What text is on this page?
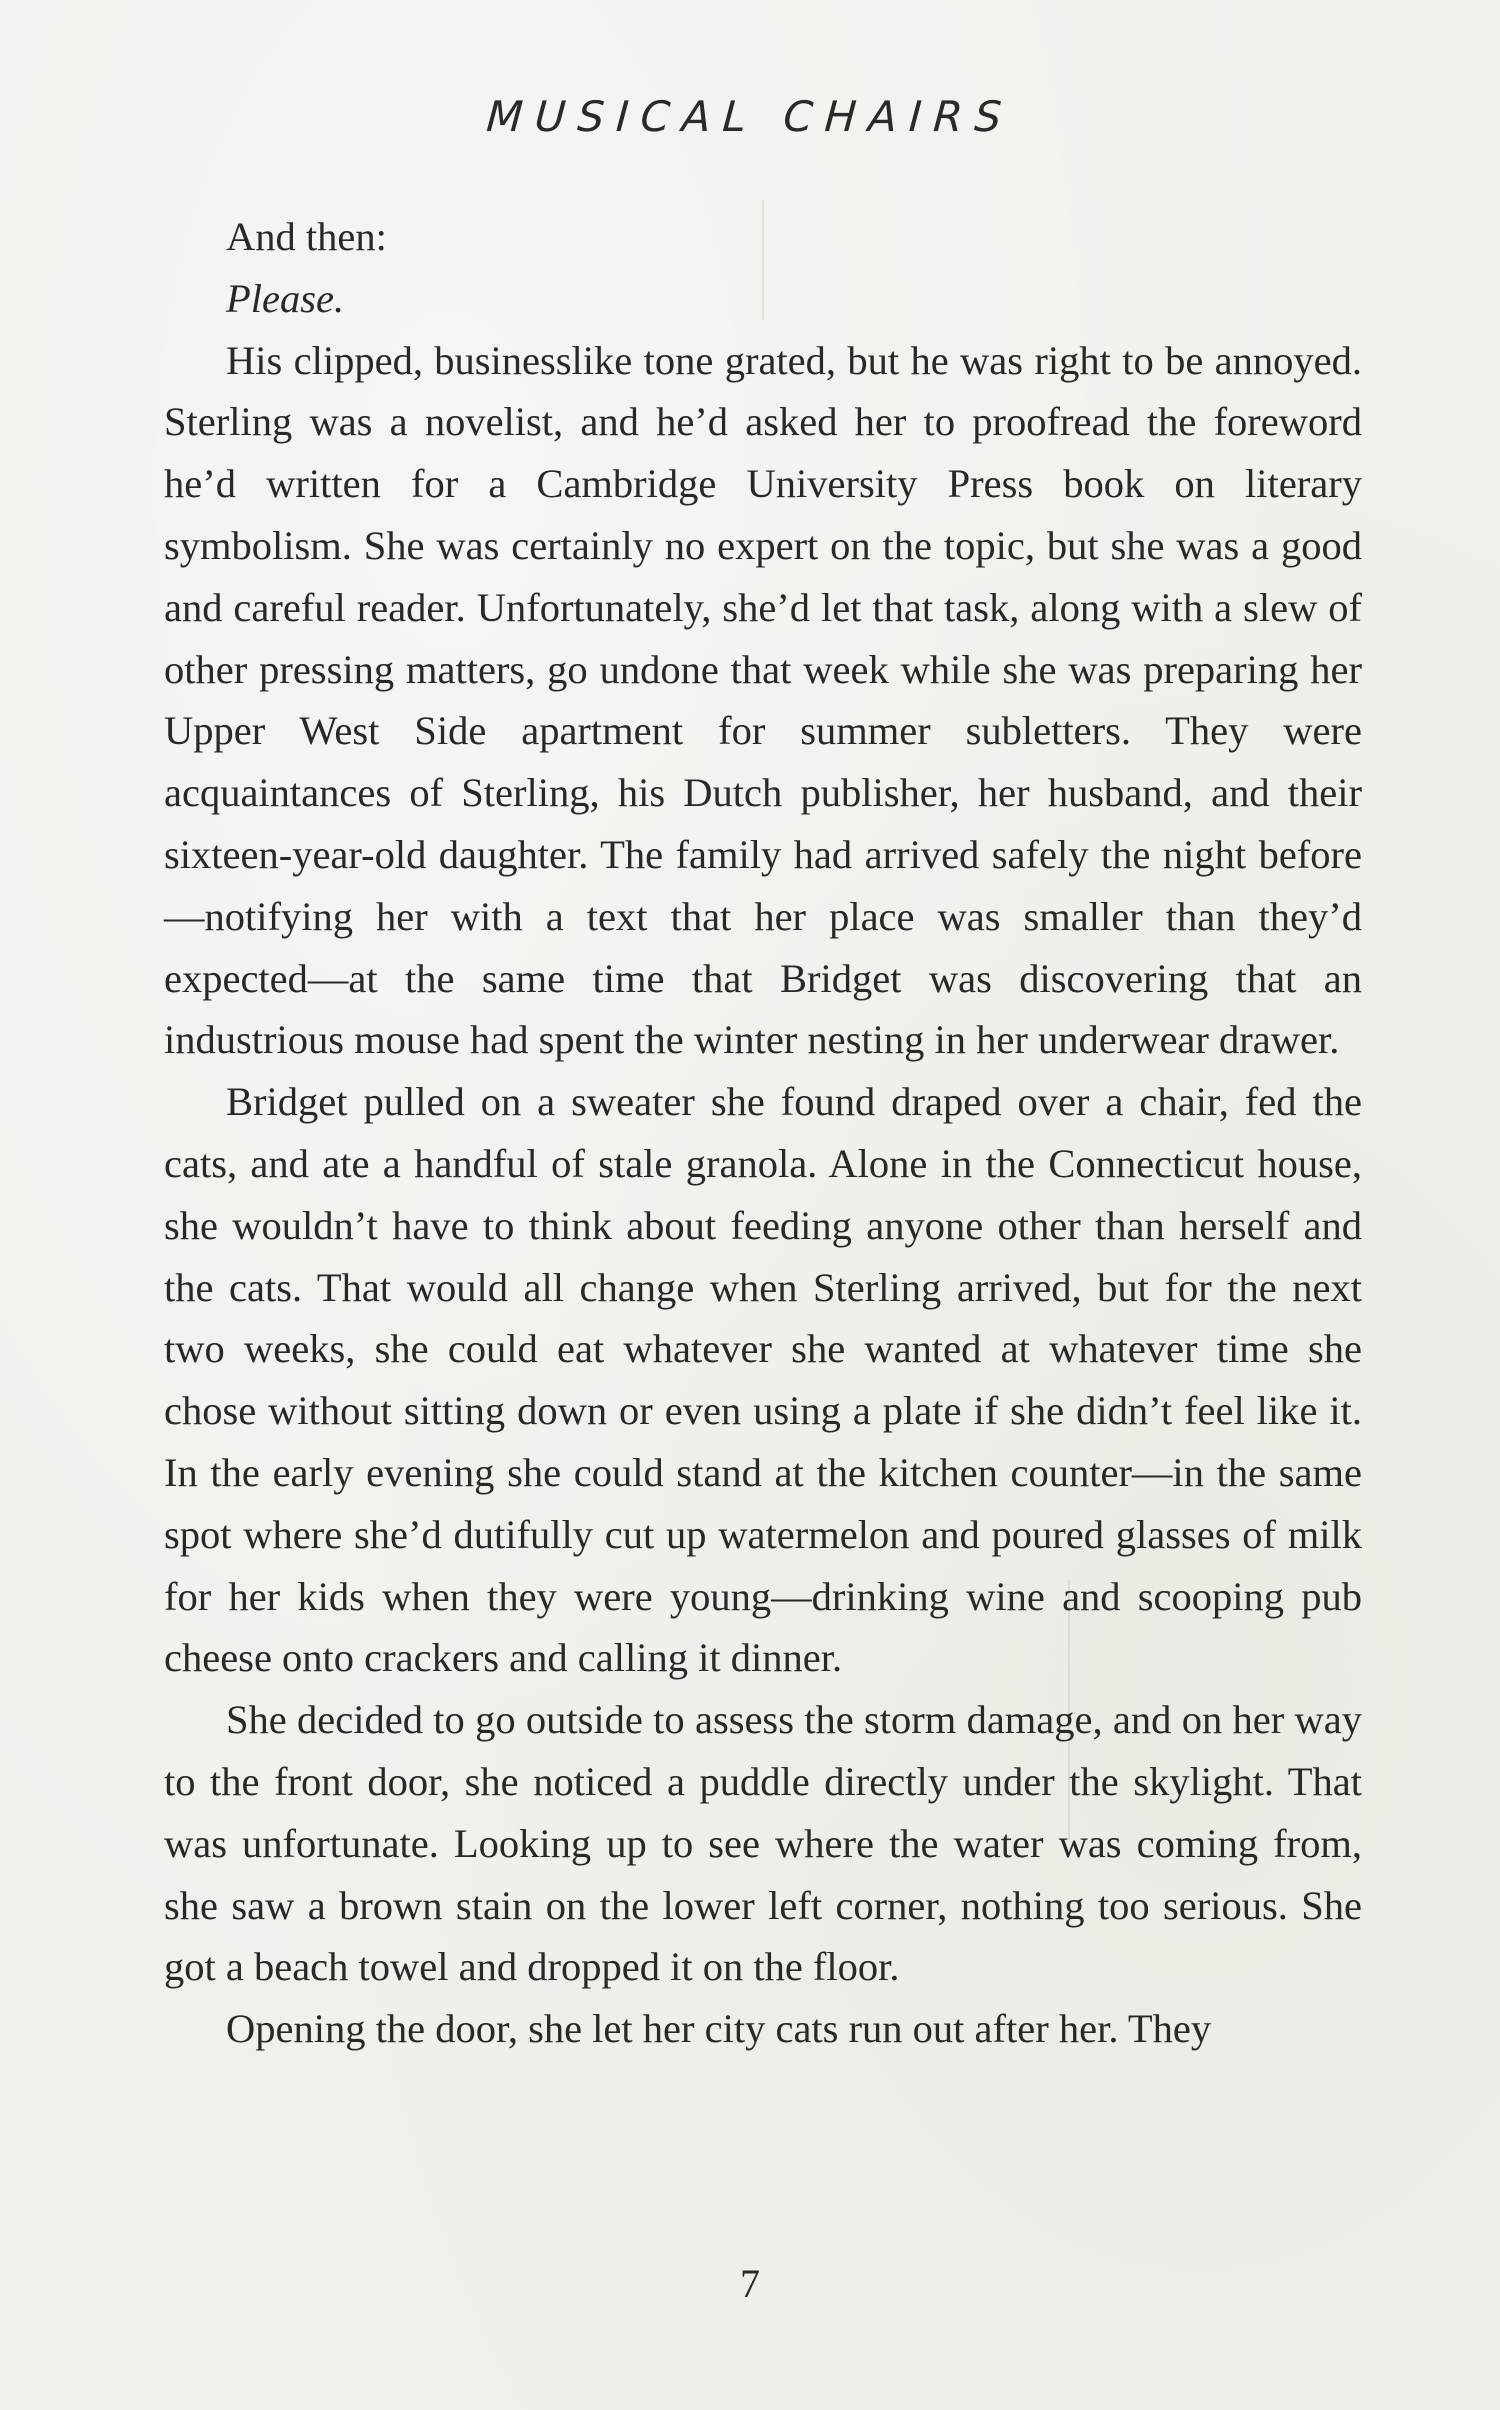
MUSICAL CHAIRS

And then:

Please.

His clipped, businesslike tone grated, but he was right to be annoyed. Sterling was a novelist, and he’d asked her to proofread the foreword he’d written for a Cambridge University Press book on literary symbolism. She was certainly no expert on the topic, but she was a good and careful reader. Unfortunately, she’d let that task, along with a slew of other pressing matters, go undone that week while she was preparing her Upper West Side apartment for summer subletters. They were acquaintances of Sterling, his Dutch publisher, her husband, and their sixteen-year-old daughter. The family had arrived safely the night before—notifying her with a text that her place was smaller than they’d expected—at the same time that Bridget was discovering that an industrious mouse had spent the winter nesting in her underwear drawer.

Bridget pulled on a sweater she found draped over a chair, fed the cats, and ate a handful of stale granola. Alone in the Connecticut house, she wouldn’t have to think about feeding anyone other than herself and the cats. That would all change when Sterling arrived, but for the next two weeks, she could eat whatever she wanted at whatever time she chose without sitting down or even using a plate if she didn’t feel like it. In the early evening she could stand at the kitchen counter—in the same spot where she’d dutifully cut up watermelon and poured glasses of milk for her kids when they were young—drinking wine and scooping pub cheese onto crackers and calling it dinner.

She decided to go outside to assess the storm damage, and on her way to the front door, she noticed a puddle directly under the skylight. That was unfortunate. Looking up to see where the water was coming from, she saw a brown stain on the lower left corner, nothing too serious. She got a beach towel and dropped it on the floor.

Opening the door, she let her city cats run out after her. They

7
